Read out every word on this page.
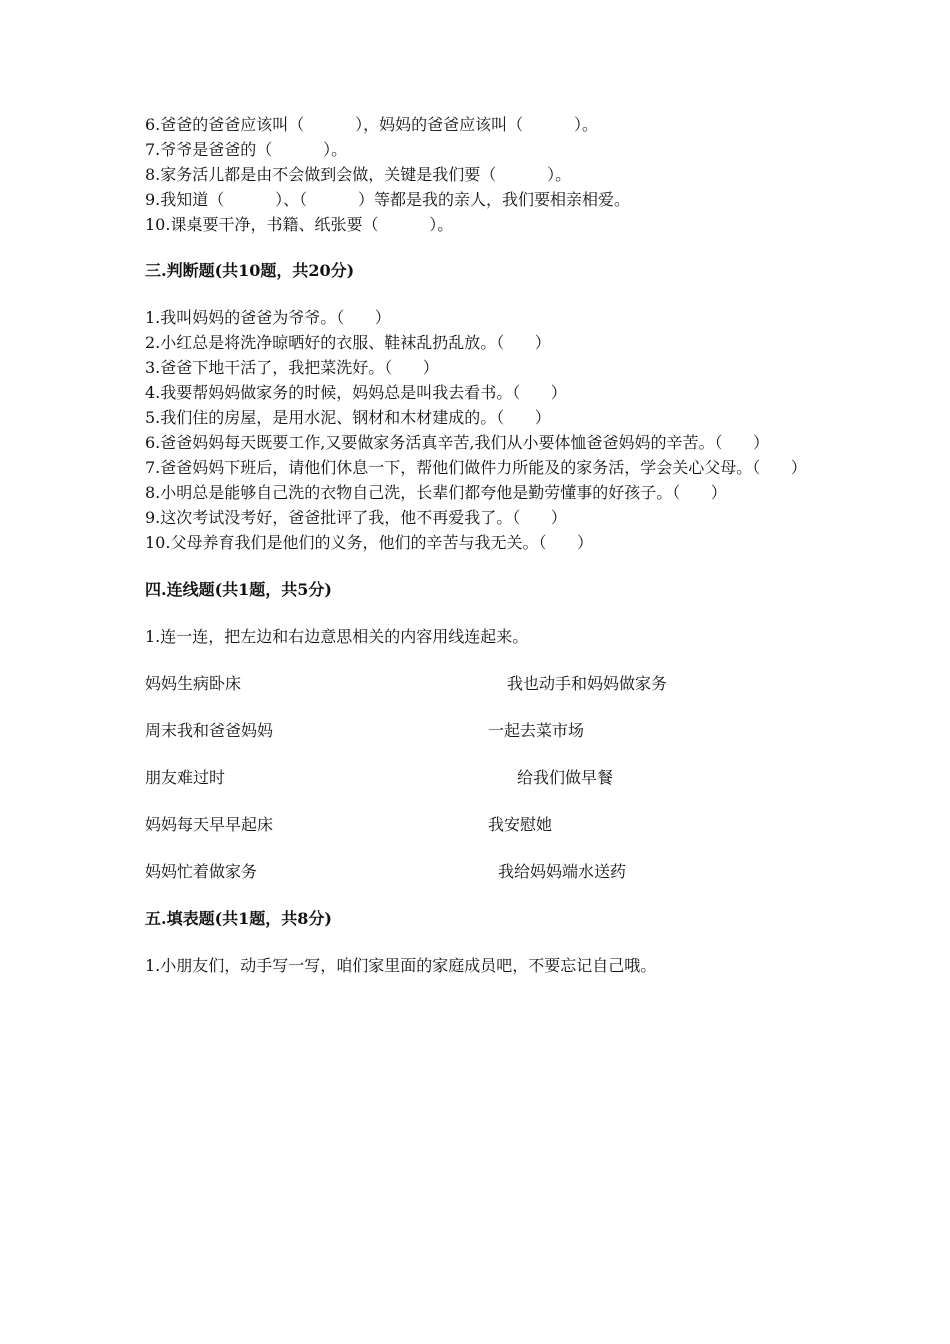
6.爸爸的爸爸应该叫（          ），妈妈的爸爸应该叫（          ）。

7.爷爷是爸爸的（          ）。

8.家务活儿都是由不会做到会做，关键是我们要（          ）。

9.我知道（          ）、（          ）等都是我的亲人，我们要相亲相爱。

10.课桌要干净，书籍、纸张要（          ）。

三.判断题(共10题，共20分)

1.我叫妈妈的爸爸为爷爷。（      ）

2.小红总是将洗净晾晒好的衣服、鞋袜乱扔乱放。（      ）

3.爸爸下地干活了，我把菜洗好。（      ）

4.我要帮妈妈做家务的时候，妈妈总是叫我去看书。（      ）

5.我们住的房屋，是用水泥、钢材和木材建成的。（      ）

6.爸爸妈妈每天既要工作,又要做家务活真辛苦,我们从小要体恤爸爸妈妈的辛苦。（      ）

7.爸爸妈妈下班后，请他们休息一下，帮他们做件力所能及的家务活，学会关心父母。（      ）

8.小明总是能够自己洗的衣物自己洗，长辈们都夸他是勤劳懂事的好孩子。（      ）

9.这次考试没考好，爸爸批评了我，他不再爱我了。（      ）

10.父母养育我们是他们的义务，他们的辛苦与我无关。（      ）

四.连线题(共1题，共5分)

1.连一连，把左边和右边意思相关的内容用线连起来。

妈妈生病卧床	我也动手和妈妈做家务
周末我和爸爸妈妈	一起去菜市场
朋友难过时	给我们做早餐
妈妈每天早早起床	我安慰她
妈妈忙着做家务	我给妈妈端水送药

五.填表题(共1题，共8分)

1.小朋友们，动手写一写，咱们家里面的家庭成员吧，不要忘记自己哦。
